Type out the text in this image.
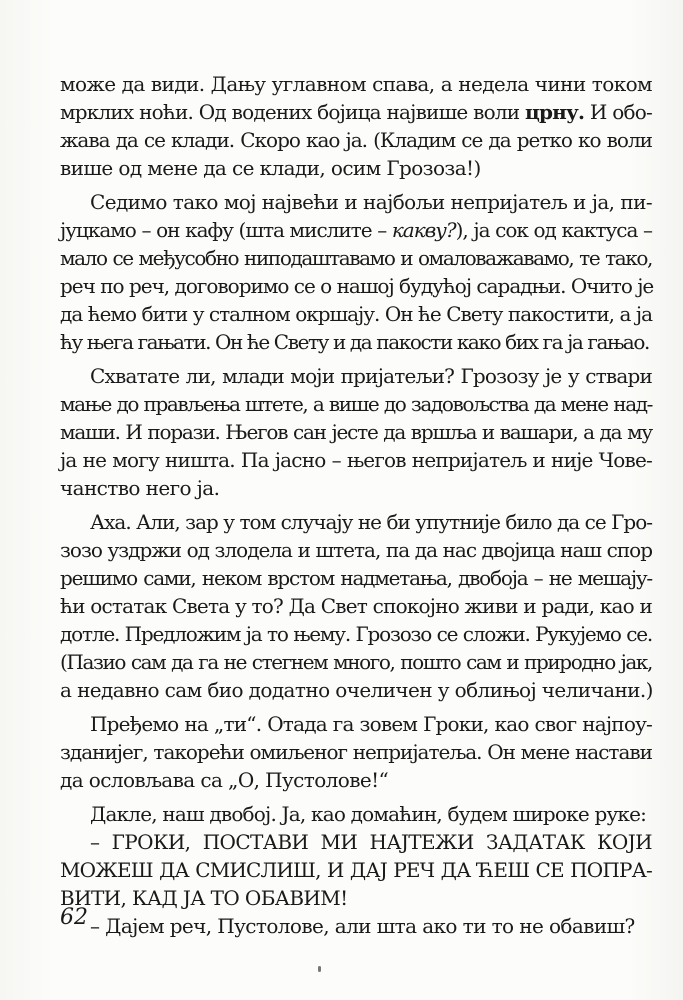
може да види. Дању углавном спава, а недела чини током
мрклих ноћи. Од водених бојица највише воли црну. И обо-
жава да се клади. Скоро као ја. (Кладим се да ретко ко воли
више од мене да се клади, осим Грозоза!)
Седимо тако мој највећи и најбољи непријатељ и ја, пи-
јуцкамо – он кафу (шта мислите – какву?), ја сок од кактуса –
мало се међусобно ниподаштавамо и омаловажавамо, те тако,
реч по реч, договоримо се о нашој будућој сарадњи. Очито је
да ћемо бити у сталном окршају. Он ће Свету пакостити, а ја
ћу њега гањати. Он ће Свету и да пакости како бих га ја гањао.
Схватате ли, млади моји пријатељи? Грозозу је у ствари
мање до прављења штете, а више до задовољства да мене над-
маши. И порази. Његов сан јесте да вршља и вашари, а да му
ја не могу ништа. Па јасно – његов непријатељ и није Човe-
чанство него ја.
Аха. Али, зар у том случају не би упутније било да се Гро-
зозо уздржи од злодела и штета, па да нас двојица наш спор
решимо сами, неком врстом надметања, двобоја – не мешају-
ћи остатак Света у то? Да Свет спокојно живи и ради, као и
дотле. Предложим ја то њему. Грозозо се сложи. Рукујемо се.
(Пазио сам да га не стегнем много, пошто сам и природно јак,
а недавно сам био додатно очеличен у облињој челичани.)
Пређемо на „ти“. Отада га зовем Гроки, као свог најпоу-
зданијег, такорећи омиљеног непријатеља. Он мене настави
да ословљава са „О, Пустолове!“
Дакле, наш двобој. Ја, као домаћин, будем широке руке:
– ГРОКИ, ПОСТАВИ МИ НАЈТЕЖИ ЗАДАТАК КОЈИ
МОЖЕШ ДА СМИСЛИШ, И ДАЈ РЕЧ ДА ЋЕШ СЕ ПОПРА-
ВИТИ, КАД ЈА ТО ОБАВИМ!
– Дајем реч, Пустолове, али шта ако ти то не обавиш?
62
